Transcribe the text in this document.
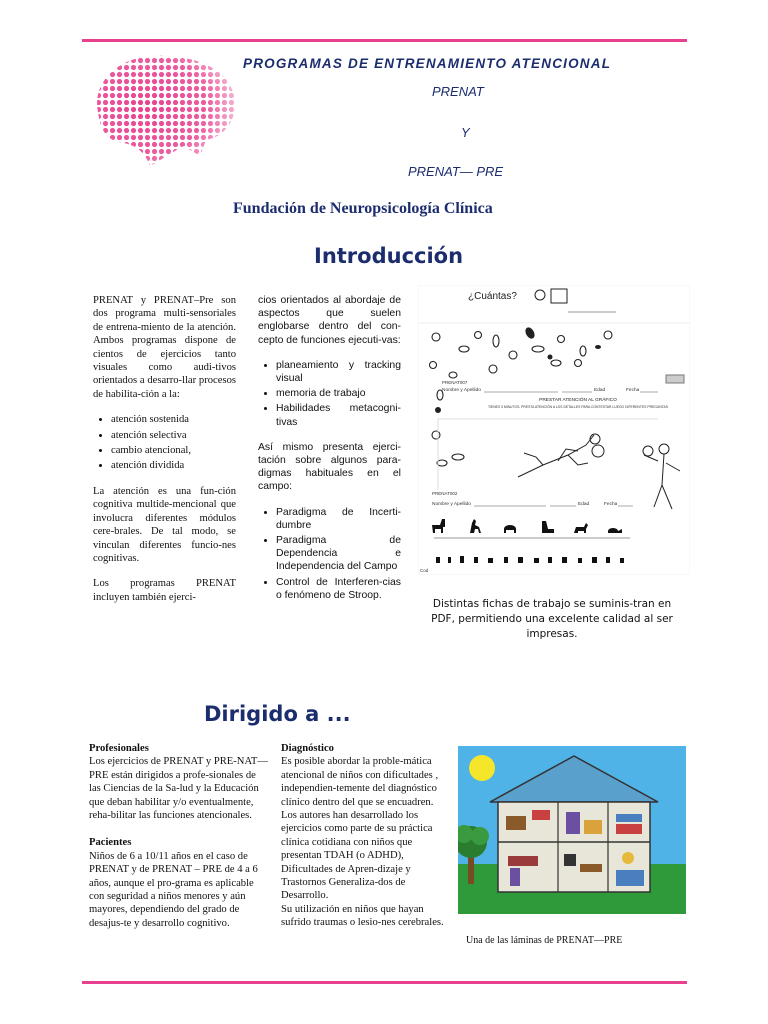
PROGRAMAS DE ENTRENAMIENTO ATENCIONAL
PRENAT
Y
PRENAT— PRE
Fundación de Neuropsicología Clínica
Introducción

PRENAT y PRENAT–Pre son dos programa multi-sensoriales de entrena-miento de la atención. Ambos programas dispone de cientos de ejercicios tanto visuales como audi-tivos orientados a desarro-llar procesos de habilita-ción a la:

• atención sostenida
• atención selectiva
• cambio atencional,
• atención dividida

La atención es una fun-ción cognitiva multide-mencional que involucra diferentes módulos cere-brales. De tal modo, se vinculan diferentes funcio-nes cognitivas.

Los programas PRENAT incluyen también ejerci-

cios orientados al abordaje de aspectos que suelen englobarse dentro del con-cepto de funciones ejecuti-vas:

• planeamiento y tracking visual
• memoria de trabajo
• Habilidades metacogni-tivas

Así mismo presenta ejerci-tación sobre algunos para-digmas habituales en el campo:

• Paradigma de Incerti-dumbre
• Paradigma de Dependencia e Independencia del Campo
• Control de Interferen-cias o fenómeno de Stroop.
¿Cuántas?
PRENAT007
Nombre y Apellido	Edad	Fecha
PRESTAR ATENCIÓN AL GRÁFICO
TIENES 5 MINUTOS. PRESTA ATENCIÓN A LOS DETALLES PARA CONTESTAR LUEGO DIFERENTES PREGUNTAS
PRENAT002
Nombre y Apellido	Edad	Fecha
Cod
Distintas fichas de trabajo se suminis-tran en PDF, permitiendo una excelente calidad al ser impresas.
Dirigido a ...
Profesionales

Los ejercicios de PRENAT y PRE-NAT—PRE están dirigidos a profe-sionales de las Ciencias de la Sa-lud y la Educación que deban habilitar y/o eventualmente, reha-bilitar las funciones atencionales.

Pacientes

Niños de 6 a 10/11 años en el caso de PRENAT y de PRENAT – PRE de 4 a 6 años, aunque el pro-grama es aplicable con seguridad a niños menores y aún mayores, dependiendo del grado de desajus-te y desarrollo cognitivo.

Diagnóstico

Es posible abordar la proble-mática atencional de niños con dificultades , independien-temente del diagnóstico clínico dentro del que se encuadren. Los autores han desarrollado los ejercicios como parte de su práctica clínica cotidiana con niños que presentan TDAH (o ADHD), Dificultades de Apren-dizaje y Trastornos Generaliza-dos de Desarrollo.

Su utilización en niños que hayan sufrido traumas o lesio-nes cerebrales.

Una de las láminas de PRENAT—PRE
